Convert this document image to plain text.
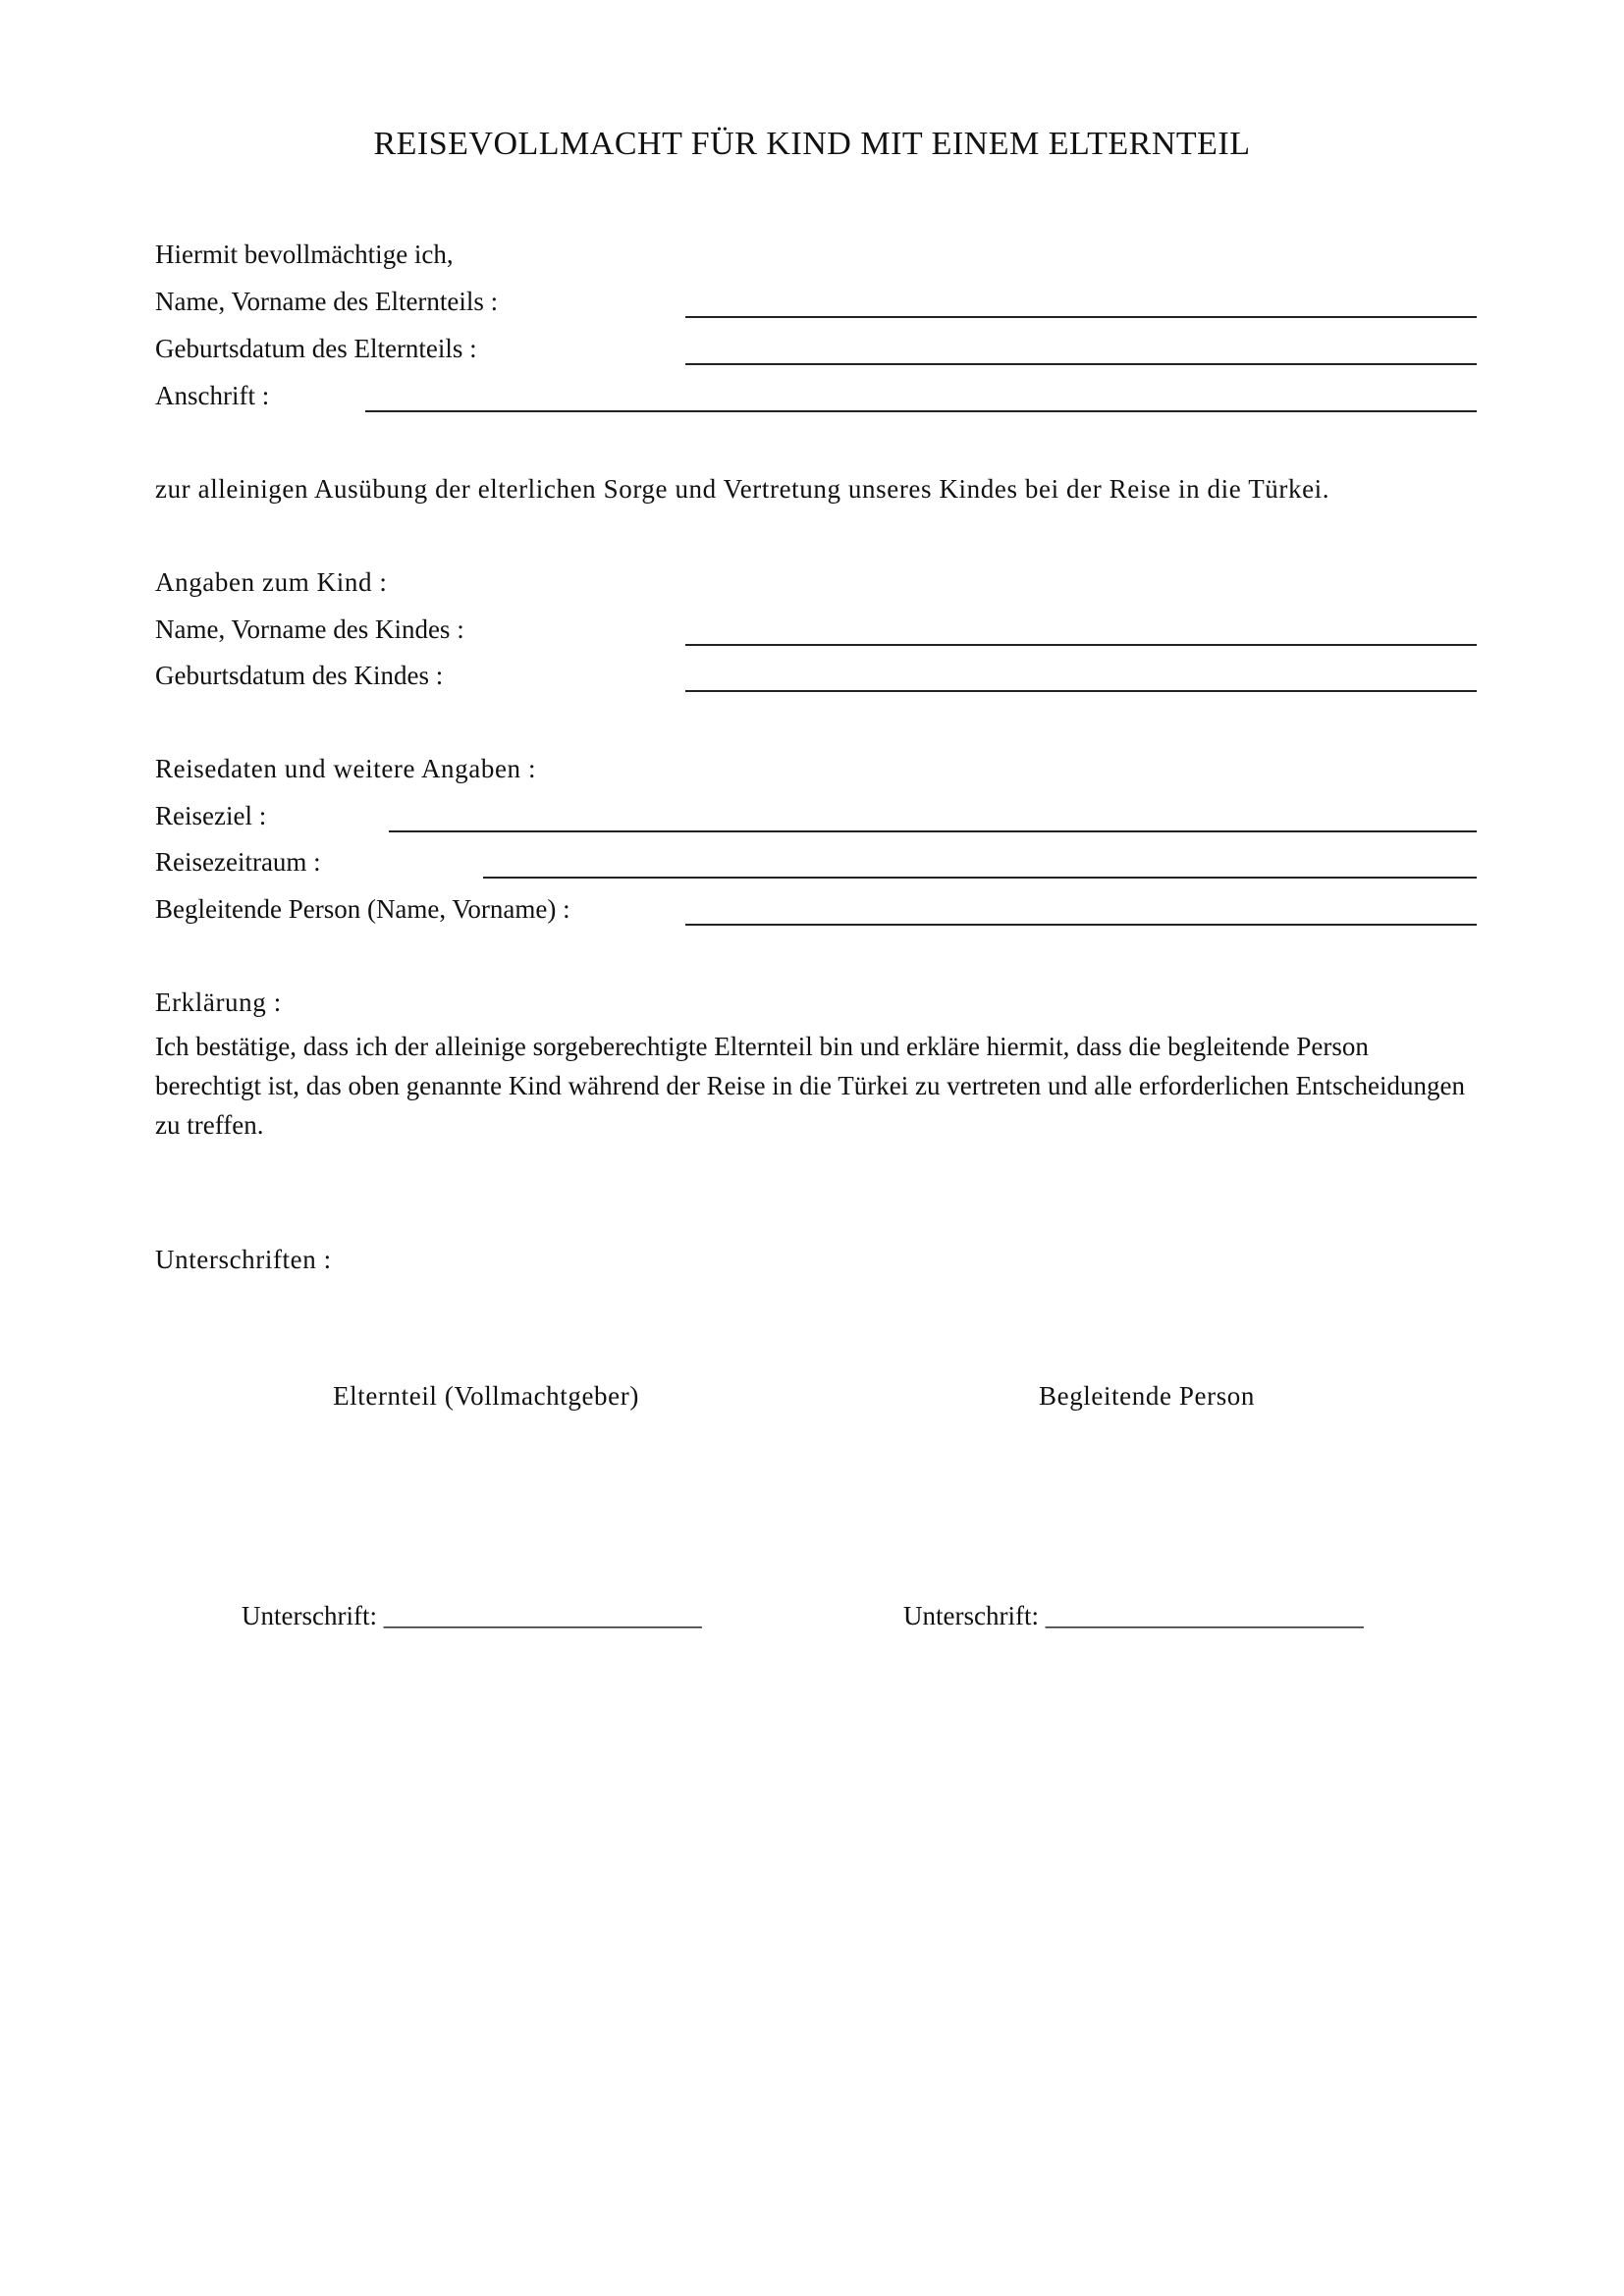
REISEVOLLMACHT FÜR KIND MIT EINEM ELTERNTEIL
Hiermit bevollmächtige ich,
Name, Vorname des Elternteils :
Geburtsdatum des Elternteils :
Anschrift :
zur alleinigen Ausübung der elterlichen Sorge und Vertretung unseres Kindes bei der Reise in die Türkei.
Angaben zum Kind :
Name, Vorname des Kindes :
Geburtsdatum des Kindes :
Reisedaten und weitere Angaben :
Reiseziel :
Reisezeitraum :
Begleitende Person (Name, Vorname) :
Erklärung :
Ich bestätige, dass ich der alleinige sorgeberechtigte Elternteil bin und erkläre hiermit, dass die begleitende Person berechtigt ist, das oben genannte Kind während der Reise in die Türkei zu vertreten und alle erforderlichen Entscheidungen zu treffen.
Unterschriften :
Elternteil (Vollmachtgeber)	Begleitende Person
Unterschrift: ________________________	Unterschrift: ________________________
